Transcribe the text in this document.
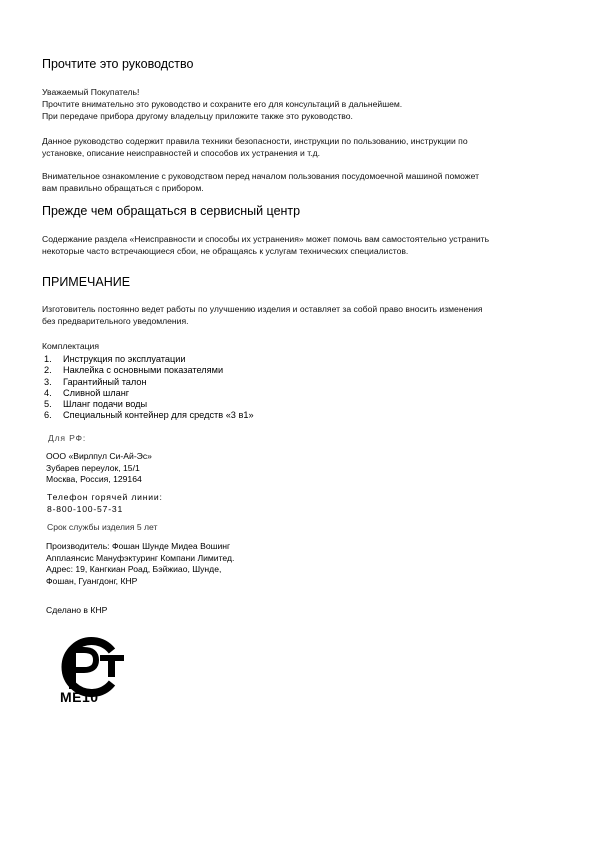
Прочтите это руководство
Уважаемый Покупатель!
Прочтите внимательно это руководство и сохраните его для консультаций в дальнейшем.
При передаче прибора другому владельцу приложите также это руководство.
Данное руководство содержит правила техники безопасности, инструкции по пользованию, инструкции по
установке, описание неисправностей и способов их устранения и т.д.
Внимательное ознакомление с руководством перед началом пользования посудомоечной машиной поможет
вам правильно обращаться с прибором.
Прежде чем обращаться в сервисный центр
Содержание раздела «Неисправности и способы их устранения» может помочь вам самостоятельно устранить
некоторые часто встречающиеся сбои, не обращаясь к услугам технических специалистов.
ПРИМЕЧАНИЕ
Изготовитель постоянно ведет работы по улучшению изделия и оставляет за собой право вносить изменения
без предварительного уведомления.
Комплектация
1.	Инструкция по эксплуатации
2.	Наклейка с основными показателями
3.	Гарантийный талон
4.	Сливной шланг
5.	Шланг подачи воды
6.	Специальный контейнер для средств «3 в1»
Для РФ:
ООО «Вирлпул Си-Ай-Эс»
Зубарев переулок, 15/1
Москва, Россия, 129164
Телефон горячей линии:
8-800-100-57-31
Срок службы изделия 5 лет
Производитель: Фошан Шунде Мидеа Вошинг
Апплаянсис Мануфэктуринг Компани Лимитед.
Адрес: 19, Кангкиан Роад, Бэйжиао, Шунде,
Фошан, Гуангдонг, КНР
Сделано в КНР
ME10
